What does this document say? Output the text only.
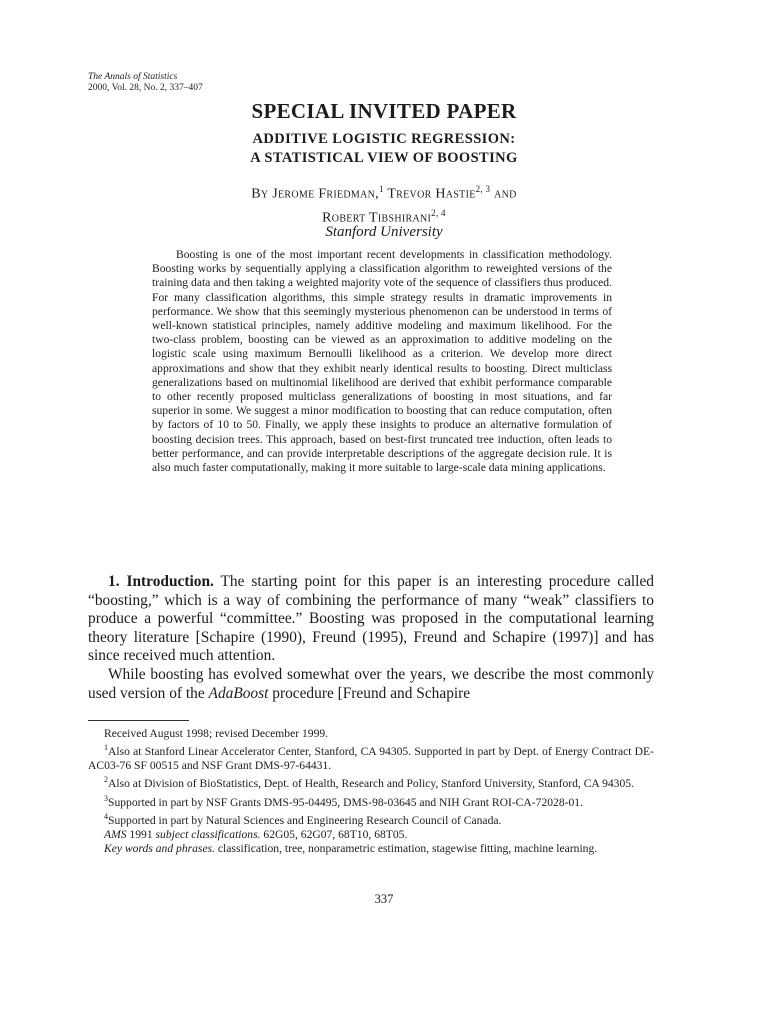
The Annals of Statistics
2000, Vol. 28, No. 2, 337–407
SPECIAL INVITED PAPER
ADDITIVE LOGISTIC REGRESSION:
A STATISTICAL VIEW OF BOOSTING
By Jerome Friedman,$^1$ Trevor Hastie$^{2, 3}$ and
Robert Tibshirani$^{2, 4}$
Stanford University
Boosting is one of the most important recent developments in classification methodology. Boosting works by sequentially applying a classification algorithm to reweighted versions of the training data and then taking a weighted majority vote of the sequence of classifiers thus produced. For many classification algorithms, this simple strategy results in dramatic improvements in performance. We show that this seemingly mysterious phenomenon can be understood in terms of well-known statistical principles, namely additive modeling and maximum likelihood. For the two-class problem, boosting can be viewed as an approximation to additive modeling on the logistic scale using maximum Bernoulli likelihood as a criterion. We develop more direct approximations and show that they exhibit nearly identical results to boosting. Direct multiclass generalizations based on multinomial likelihood are derived that exhibit performance comparable to other recently proposed multiclass generalizations of boosting in most situations, and far superior in some. We suggest a minor modification to boosting that can reduce computation, often by factors of 10 to 50. Finally, we apply these insights to produce an alternative formulation of boosting decision trees. This approach, based on best-first truncated tree induction, often leads to better performance, and can provide interpretable descriptions of the aggregate decision rule. It is also much faster computationally, making it more suitable to large-scale data mining applications.

1. Introduction. The starting point for this paper is an interesting procedure called “boosting,” which is a way of combining the performance of many “weak” classifiers to produce a powerful “committee.” Boosting was proposed in the computational learning theory literature [Schapire (1990), Freund (1995), Freund and Schapire (1997)] and has since received much attention.

While boosting has evolved somewhat over the years, we describe the most commonly used version of the AdaBoost procedure [Freund and Schapire

Received August 1998; revised December 1999.

$^1$Also at Stanford Linear Accelerator Center, Stanford, CA 94305. Supported in part by Dept. of Energy Contract DE-AC03-76 SF 00515 and NSF Grant DMS-97-64431.

$^2$Also at Division of BioStatistics, Dept. of Health, Research and Policy, Stanford University, Stanford, CA 94305.

$^3$Supported in part by NSF Grants DMS-95-04495, DMS-98-03645 and NIH Grant ROI-CA-72028-01.

$^4$Supported in part by Natural Sciences and Engineering Research Council of Canada.

AMS 1991 subject classifications. 62G05, 62G07, 68T10, 68T05.

Key words and phrases. classification, tree, nonparametric estimation, stagewise fitting, machine learning.

337
